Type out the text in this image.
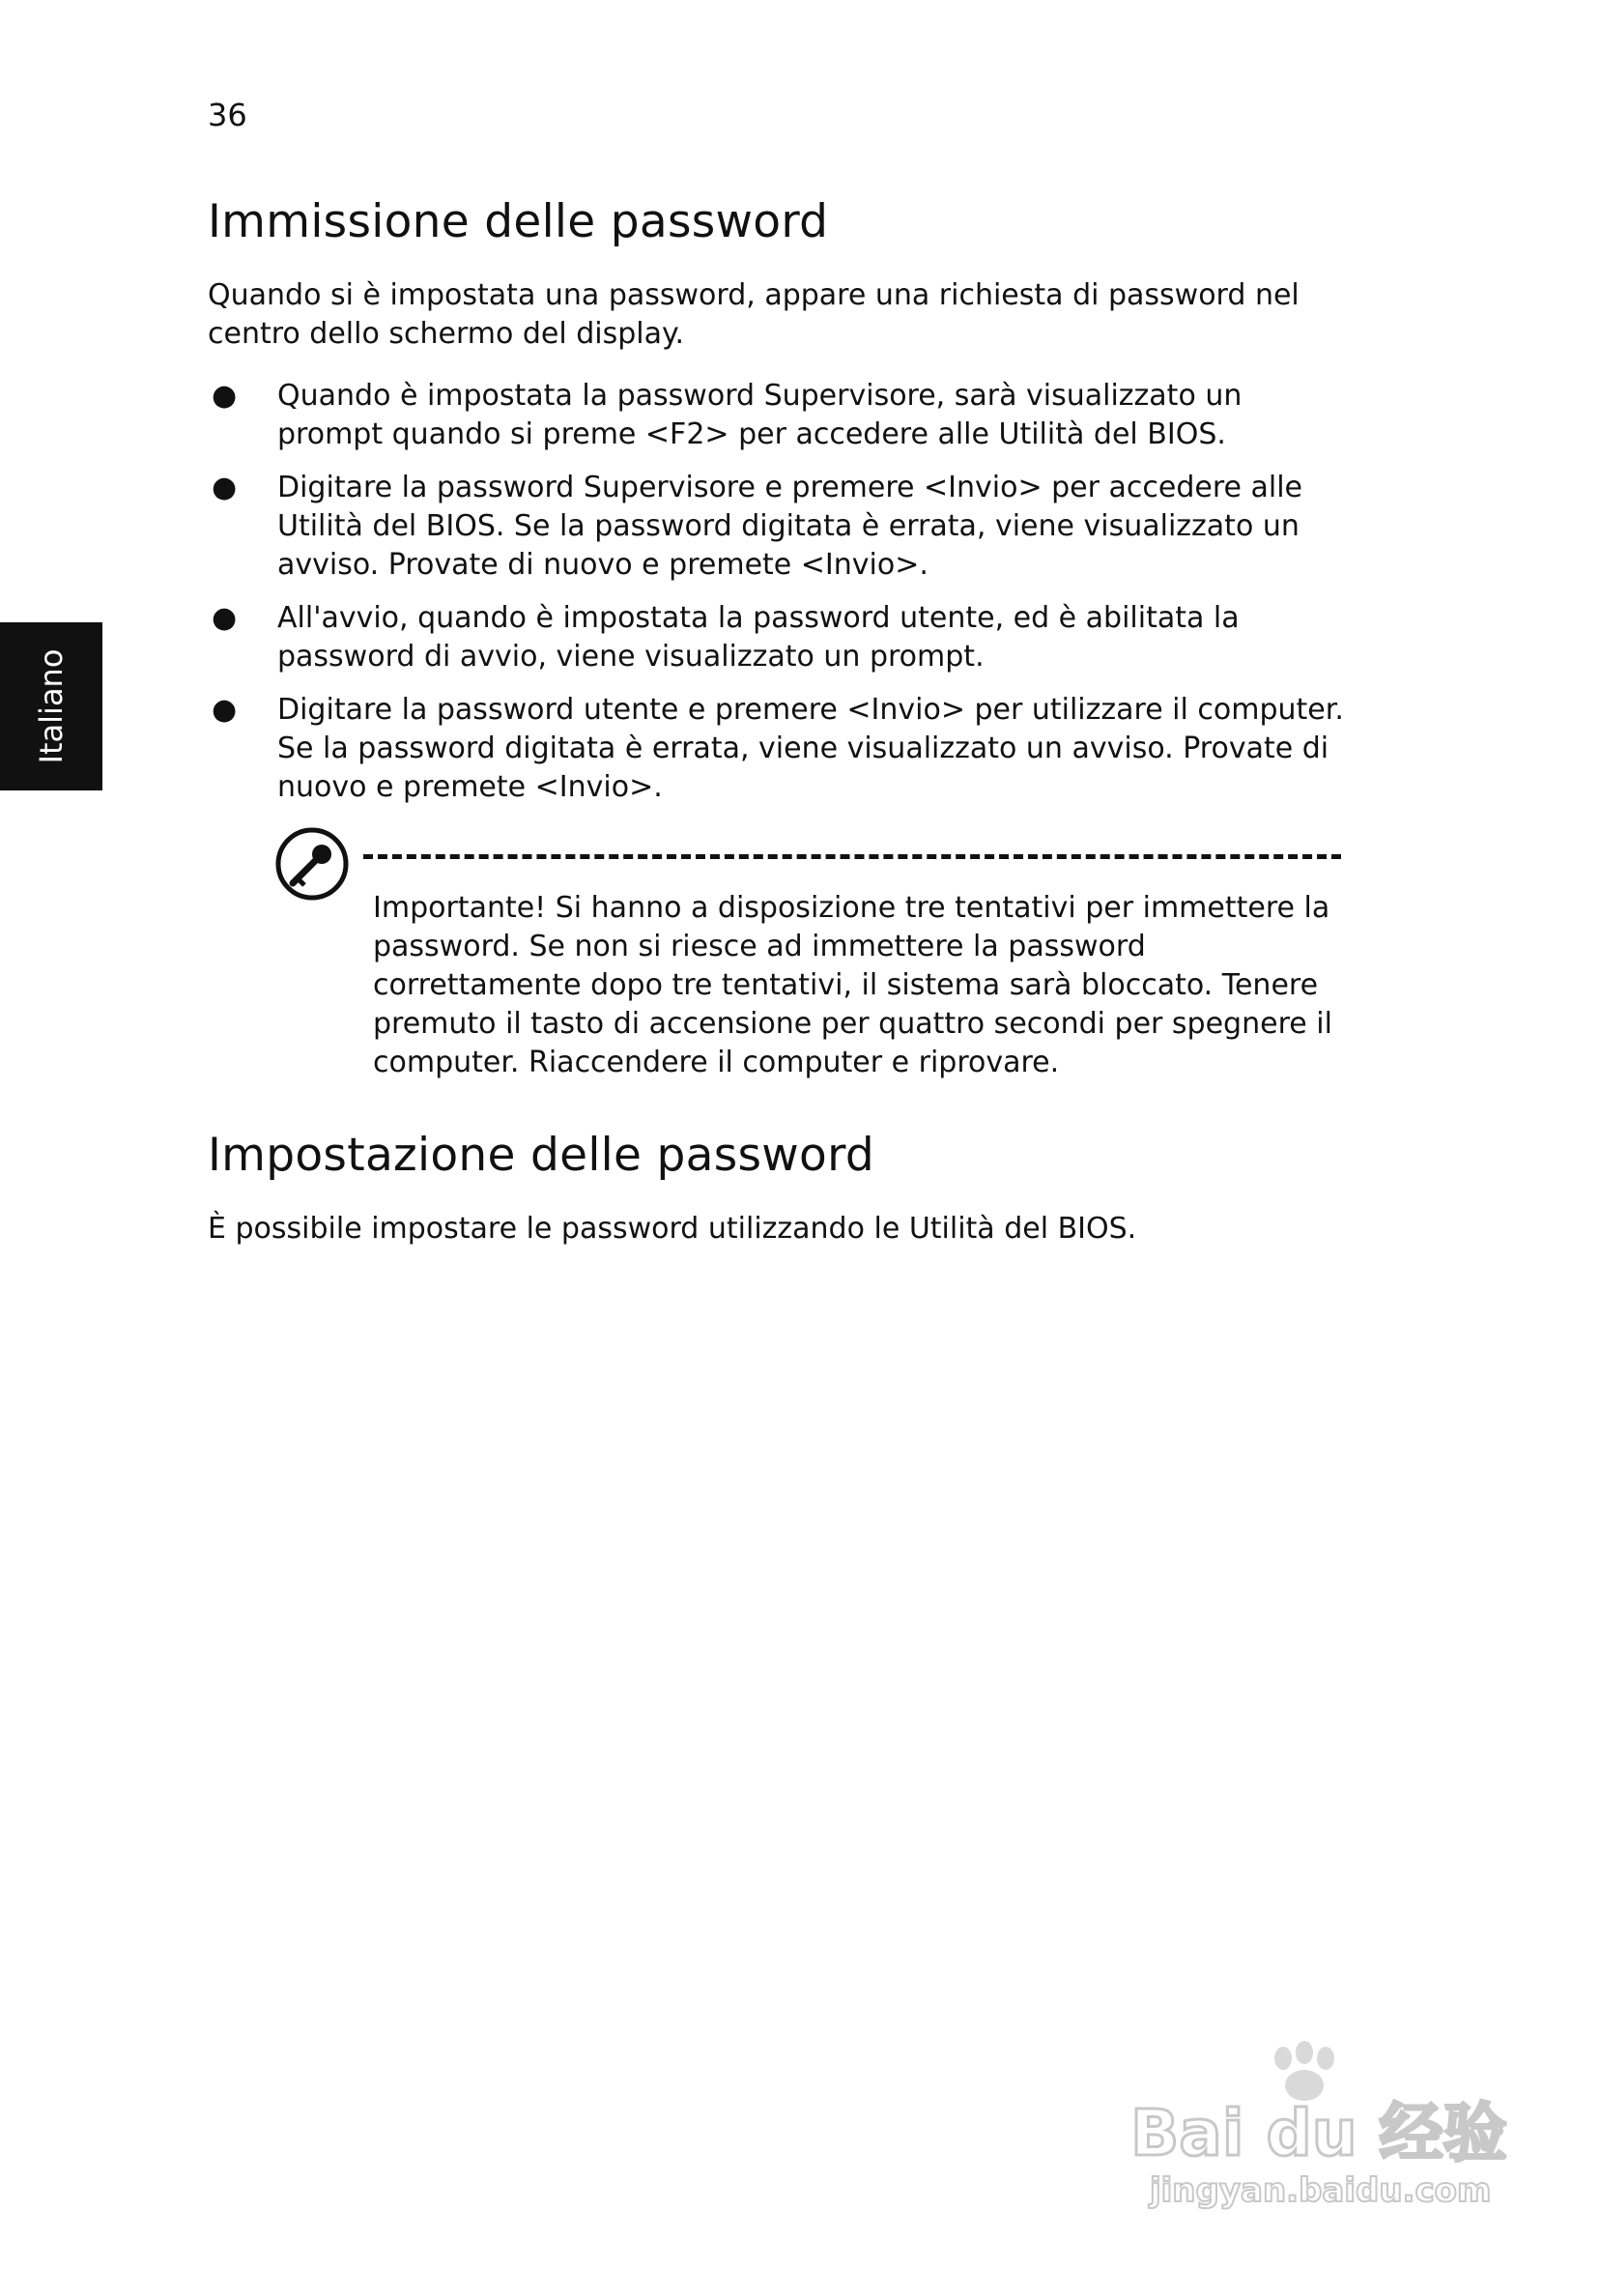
36
Italiano
Immissione delle password

Quando si è impostata una password, appare una richiesta di password nel centro dello schermo del display.

● Quando è impostata la password Supervisore, sarà visualizzato un prompt quando si preme <F2> per accedere alle Utilità del BIOS.
● Digitare la password Supervisore e premere <Invio> per accedere alle Utilità del BIOS. Se la password digitata è errata, viene visualizzato un avviso. Provate di nuovo e premete <Invio>.
● All'avvio, quando è impostata la password utente, ed è abilitata la password di avvio, viene visualizzato un prompt.
● Digitare la password utente e premere <Invio> per utilizzare il computer. Se la password digitata è errata, viene visualizzato un avviso. Provate di nuovo e premete <Invio>.

Importante! Si hanno a disposizione tre tentativi per immettere la password. Se non si riesce ad immettere la password correttamente dopo tre tentativi, il sistema sarà bloccato. Tenere premuto il tasto di accensione per quattro secondi per spegnere il computer. Riaccendere il computer e riprovare.

Impostazione delle password

È possibile impostare le password utilizzando le Utilità del BIOS.

Bai du 经验
jingyan.baidu.com
